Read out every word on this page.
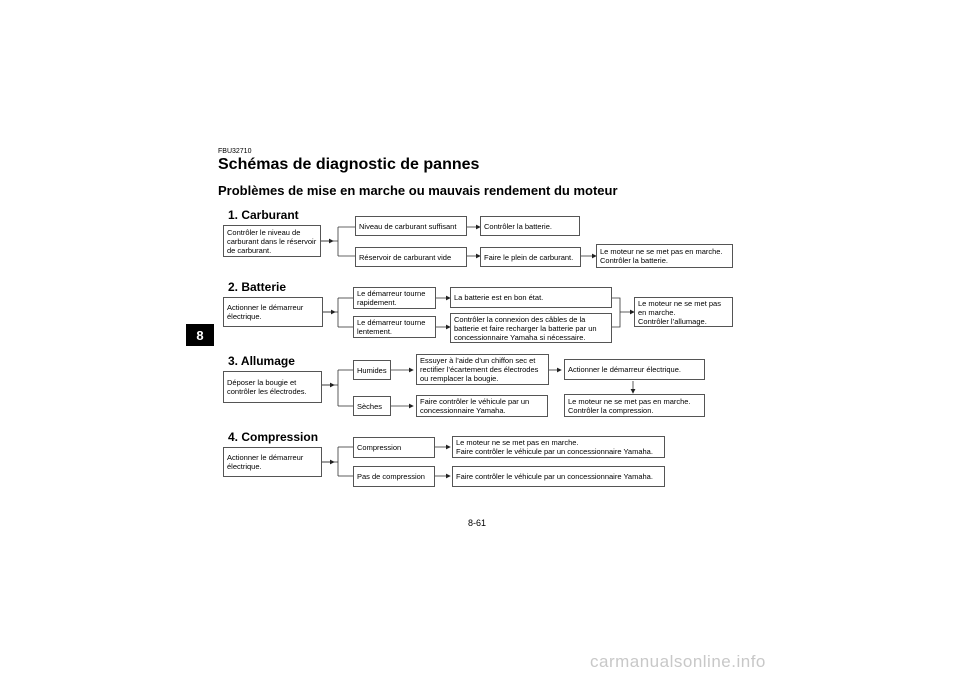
FBU32710
Schémas de diagnostic de pannes
Problèmes de mise en marche ou mauvais rendement du moteur
8
1. Carburant
Contrôler le niveau de carburant dans le réservoir de carburant.
Niveau de carburant suffisant
Réservoir de carburant vide
Contrôler la batterie.
Faire le plein de carburant.
Le moteur ne se met pas en marche.
Contrôler la batterie.
2. Batterie
Actionner le démarreur électrique.
Le démarreur tourne rapidement.
Le démarreur tourne lentement.
La batterie est en bon état.
Contrôler la connexion des câbles de la batterie et faire recharger la batterie par un concessionnaire Yamaha si nécessaire.
Le moteur ne se met pas en marche.
Contrôler l’allumage.
3. Allumage
Déposer la bougie et contrôler les électrodes.
Humides
Sèches
Essuyer à l’aide d’un chiffon sec et rectifier l’écartement des électrodes ou remplacer la bougie.
Faire contrôler le véhicule par un concessionnaire Yamaha.
Actionner le démarreur électrique.
Le moteur ne se met pas en marche.
Contrôler la compression.
4. Compression
Actionner le démarreur électrique.
Compression
Pas de compression
Le moteur ne se met pas en marche.
Faire contrôler le véhicule par un concessionnaire Yamaha.
Faire contrôler le véhicule par un concessionnaire Yamaha.
8-61
carmanualsonline.info
